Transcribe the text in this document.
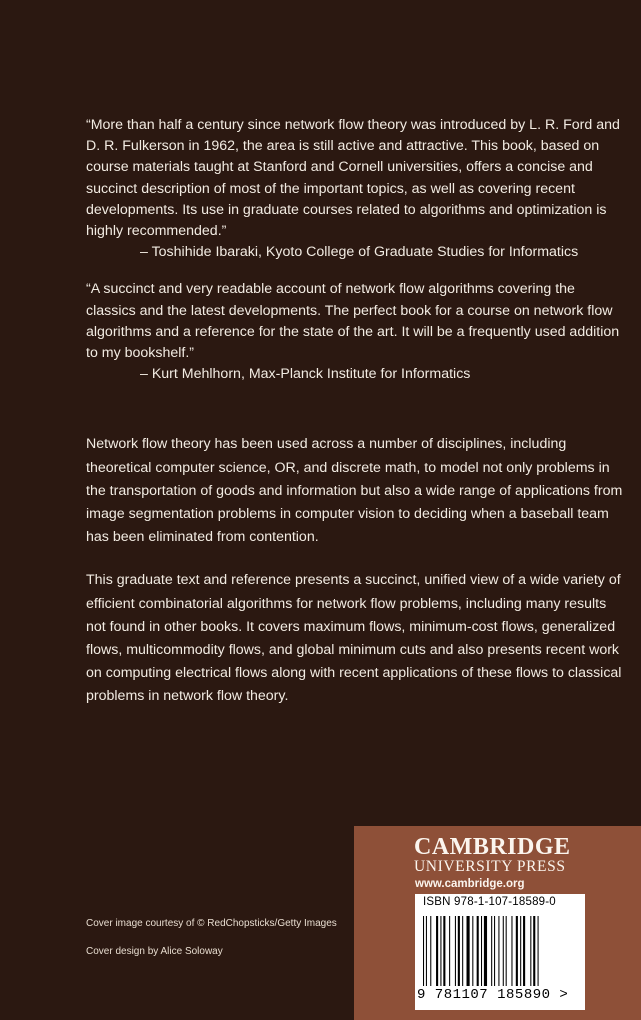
“More than half a century since network flow theory was introduced by L. R. Ford and D. R. Fulkerson in 1962, the area is still active and attractive. This book, based on course materials taught at Stanford and Cornell universities, offers a concise and succinct description of most of the important topics, as well as covering recent developments. Its use in graduate courses related to algorithms and optimization is highly recommended.”

– Toshihide Ibaraki, Kyoto College of Graduate Studies for Informatics

“A succinct and very readable account of network flow algorithms covering the classics and the latest developments. The perfect book for a course on network flow algorithms and a reference for the state of the art. It will be a frequently used addition to my bookshelf.”

– Kurt Mehlhorn, Max-Planck Institute for Informatics

Network flow theory has been used across a number of disciplines, including theoretical computer science, OR, and discrete math, to model not only problems in the transportation of goods and information but also a wide range of applications from image segmentation problems in computer vision to deciding when a baseball team has been eliminated from contention.

This graduate text and reference presents a succinct, unified view of a wide variety of efficient combinatorial algorithms for network flow problems, including many results not found in other books. It covers maximum flows, minimum-cost flows, generalized flows, multicommodity flows, and global minimum cuts and also presents recent work on computing electrical flows along with recent applications of these flows to classical problems in network flow theory.

Cover image courtesy of © RedChopsticks/Getty Images
Cover design by Alice Soloway
CAMBRIDGE
UNIVERSITY PRESS
www.cambridge.org
ISBN 978-1-107-18589-0
9 781107 185890 >
